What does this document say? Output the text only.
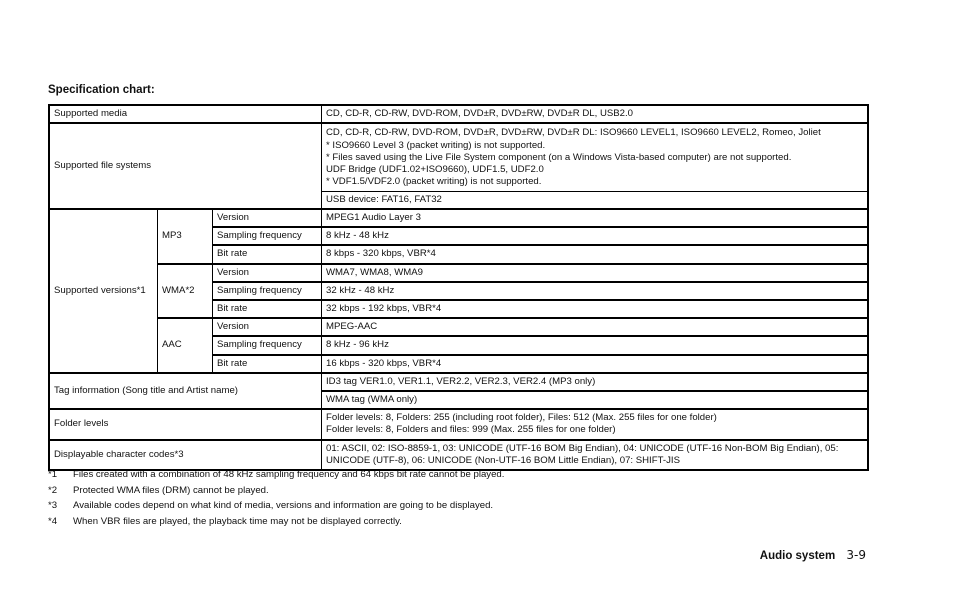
Specification chart:
Supported media			CD, CD-R, CD-RW, DVD-ROM, DVD±R, DVD±RW, DVD±R DL, USB2.0
Supported file systems			CD, CD-R, CD-RW, DVD-ROM, DVD±R, DVD±RW, DVD±R DL: ISO9660 LEVEL1, ISO9660 LEVEL2, Romeo, Joliet
* ISO9660 Level 3 (packet writing) is not supported.
* Files saved using the Live File System component (on a Windows Vista-based computer) are not supported.
UDF Bridge (UDF1.02+ISO9660), UDF1.5, UDF2.0
* VDF1.5/VDF2.0 (packet writing) is not supported.

			USB device: FAT16, FAT32
Supported versions*1	MP3	Version	MPEG1 Audio Layer 3
		Sampling frequency	8 kHz - 48 kHz
		Bit rate	8 kbps - 320 kbps, VBR*4
	WMA*2	Version	WMA7, WMA8, WMA9
		Sampling frequency	32 kHz - 48 kHz
		Bit rate	32 kbps - 192 kbps, VBR*4
	AAC	Version	MPEG-AAC
		Sampling frequency	8 kHz - 96 kHz
		Bit rate	16 kbps - 320 kbps, VBR*4
Tag information (Song title and Artist name)			ID3 tag VER1.0, VER1.1, VER2.2, VER2.3, VER2.4 (MP3 only)
			WMA tag (WMA only)
Folder levels			Folder levels: 8, Folders: 255 (including root folder), Files: 512 (Max. 255 files for one folder)
Folder levels: 8, Folders and files: 999 (Max. 255 files for one folder)

Displayable character codes*3			01: ASCII, 02: ISO-8859-1, 03: UNICODE (UTF-16 BOM Big Endian), 04: UNICODE (UTF-16 Non-BOM Big Endian), 05: UNICODE (UTF-8), 06: UNICODE (Non-UTF-16 BOM Little Endian), 07: SHIFT-JIS
*1	Files created with a combination of 48 kHz sampling frequency and 64 kbps bit rate cannot be played.
*2	Protected WMA files (DRM) cannot be played.
*3	Available codes depend on what kind of media, versions and information are going to be displayed.
*4	When VBR files are played, the playback time may not be displayed correctly.
Audio system 3-9
